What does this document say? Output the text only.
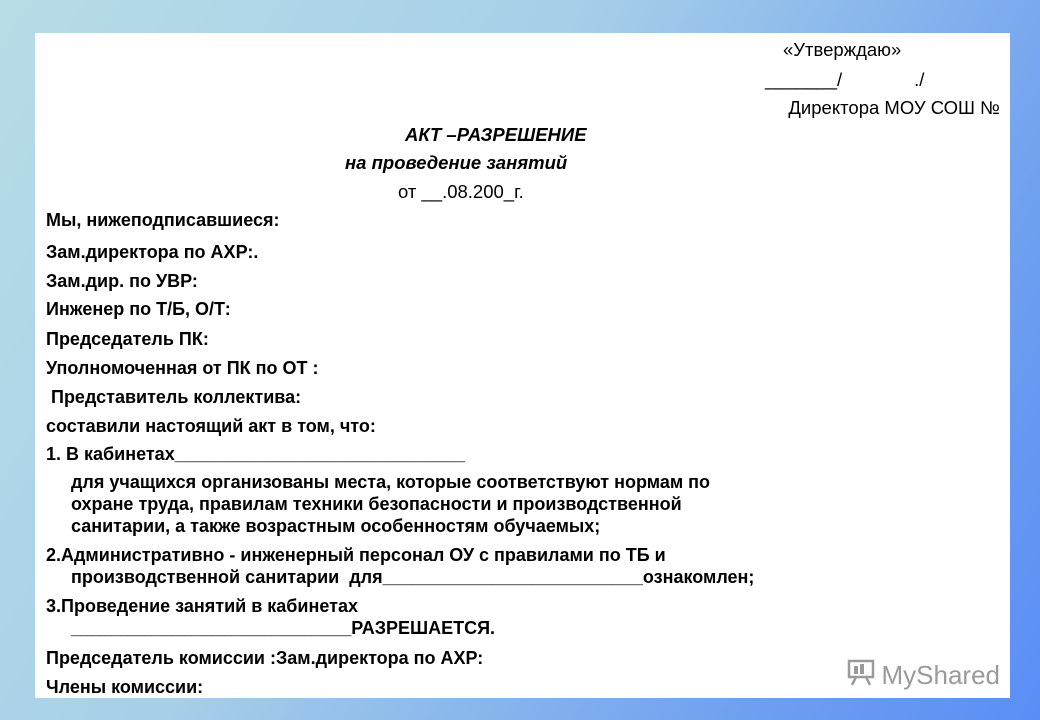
«Утверждаю»
_______/              ./
Директора МОУ СОШ №
АКТ –РАЗРЕШЕНИЕ
на проведение занятий
от __.08.200_г.
Мы, нижеподписавшиеся:
Зам.директора по АХР:.
Зам.дир. по УВР:
Инженер по Т/Б, О/Т:
Председатель ПК:
Уполномоченная от ПК по ОТ :
Представитель коллектива:
составили настоящий акт в том, что:
1. В кабинетах_____________________________
для учащихся организованы места, которые соответствуют нормам по
охране труда, правилам техники безопасности и производственной
санитарии, а также возрастным особенностям обучаемых;
2.Административно - инженерный персонал ОУ с правилами по ТБ и
производственной санитарии  для__________________________ознакомлен;
3.Проведение занятий в кабинетах
____________________________РАЗРЕШАЕТСЯ.
Председатель комиссии :Зам.директора по АХР:
Члены комиссии:	MyShared
